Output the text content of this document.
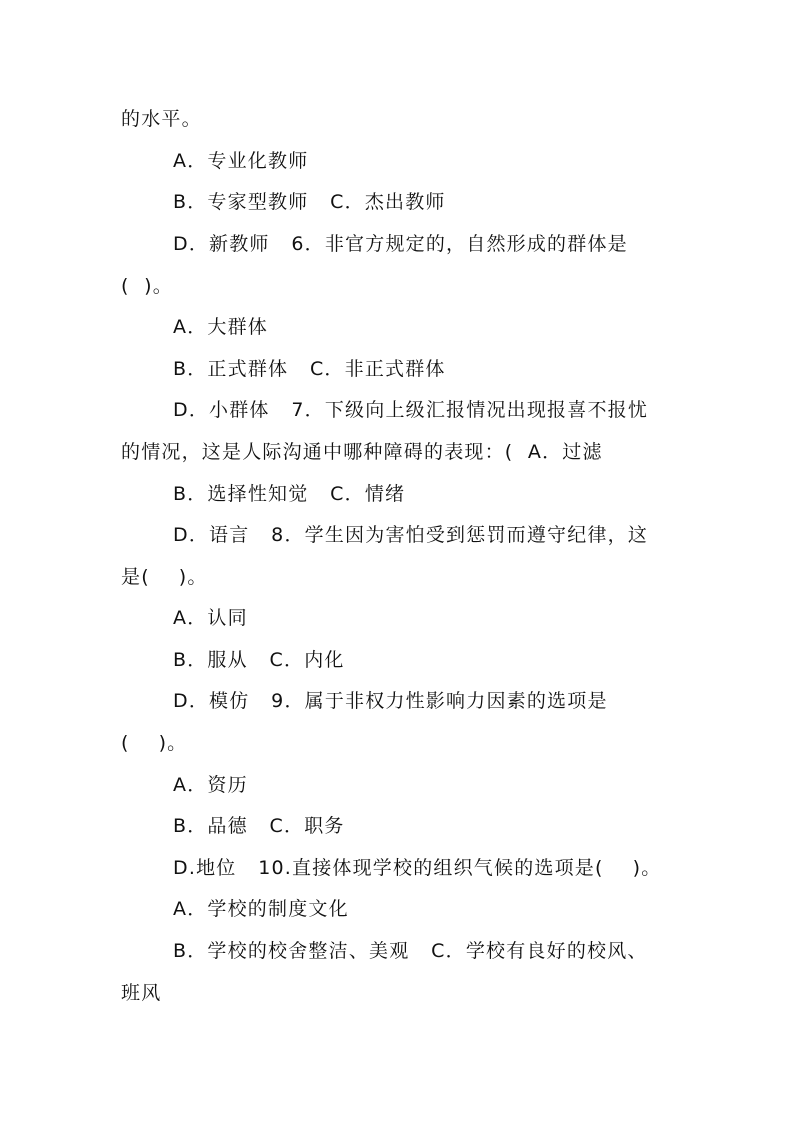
的水平。
A．专业化教师
B．专家型教师   C．杰出教师
D．新教师   6．非官方规定的，自然形成的群体是
(  )。
A．大群体
B．正式群体   C．非正式群体
D．小群体   7．下级向上级汇报情况出现报喜不报忧
的情况，这是人际沟通中哪种障碍的表现：(  A．过滤
B．选择性知觉   C．情绪
D．语言   8．学生因为害怕受到惩罚而遵守纪律，这
是(    )。
A．认同
B．服从   C．内化
D．模仿   9．属于非权力性影响力因素的选项是
(    )。
A．资历
B．品德   C．职务
D.地位   10.直接体现学校的组织气候的选项是(    )。
A．学校的制度文化
B．学校的校舍整洁、美观   C．学校有良好的校风、
班风
